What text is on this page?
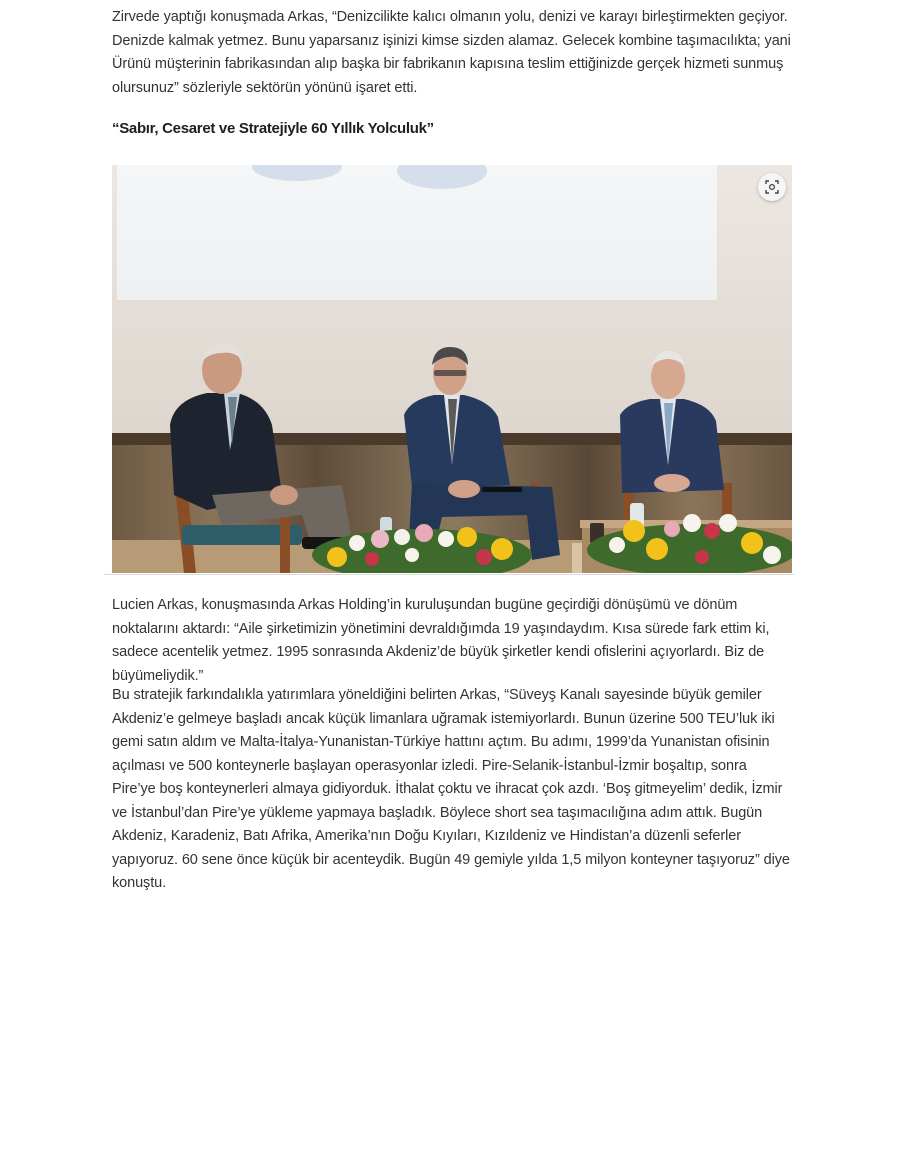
Zirvede yaptığı konuşmada Arkas, “Denizcilikte kalıcı olmanın yolu, denizi ve karayı birleştirmekten geçiyor. Denizde kalmak yetmez. Bunu yaparsanız işinizi kimse sizden alamaz. Gelecek kombine taşımacılıkta; yani Ürünü müşterinin fabrikasından alıp başka bir fabrikanın kapısına teslim ettiğinizde gerçek hizmeti sunmuş olursunuz” sözleriyle sektörün yönünü işaret etti.

“Sabır, Cesaret ve Stratejiyle 60 Yıllık Yolculuk”

Lucien Arkas, konuşmasında Arkas Holding’in kuruluşundan bugüne geçirdiği dönüşümü ve dönüm noktalarını aktardı: “Aile şirketimizin yönetimini devraldığımda 19 yaşındaydım. Kısa sürede fark ettim ki, sadece acentelik yetmez. 1995 sonrasında Akdeniz’de büyük şirketler kendi ofislerini açıyorlardı. Biz de büyümeliydik.”

Bu stratejik farkındalıkla yatırımlara yöneldiğini belirten Arkas, “Süveyş Kanalı sayesinde büyük gemiler Akdeniz’e gelmeye başladı ancak küçük limanlara uğramak istemiyorlardı. Bunun üzerine 500 TEU’luk iki gemi satın aldım ve Malta-İtalya-Yunanistan-Türkiye hattını açtım. Bu adımı, 1999’da Yunanistan ofisinin açılması ve 500 konteynerle başlayan operasyonlar izledi. Pire-Selanik-İstanbul-İzmir boşaltıp, sonra Pire’ye boş konteynerleri almaya gidiyorduk. İthalat çoktu ve ihracat çok azdı. ‘Boş gitmeyelim’ dedik, İzmir ve İstanbul’dan Pire’ye yükleme yapmaya başladık. Böylece short sea taşımacılığına adım attık. Bugün Akdeniz, Karadeniz, Batı Afrika, Amerika’nın Doğu Kıyıları, Kızıldeniz ve Hindistan’a düzenli seferler yapıyoruz. 60 sene önce küçük bir acenteydik. Bugün 49 gemiyle yılda 1,5 milyon konteyner taşıyoruz” diye konuştu.
